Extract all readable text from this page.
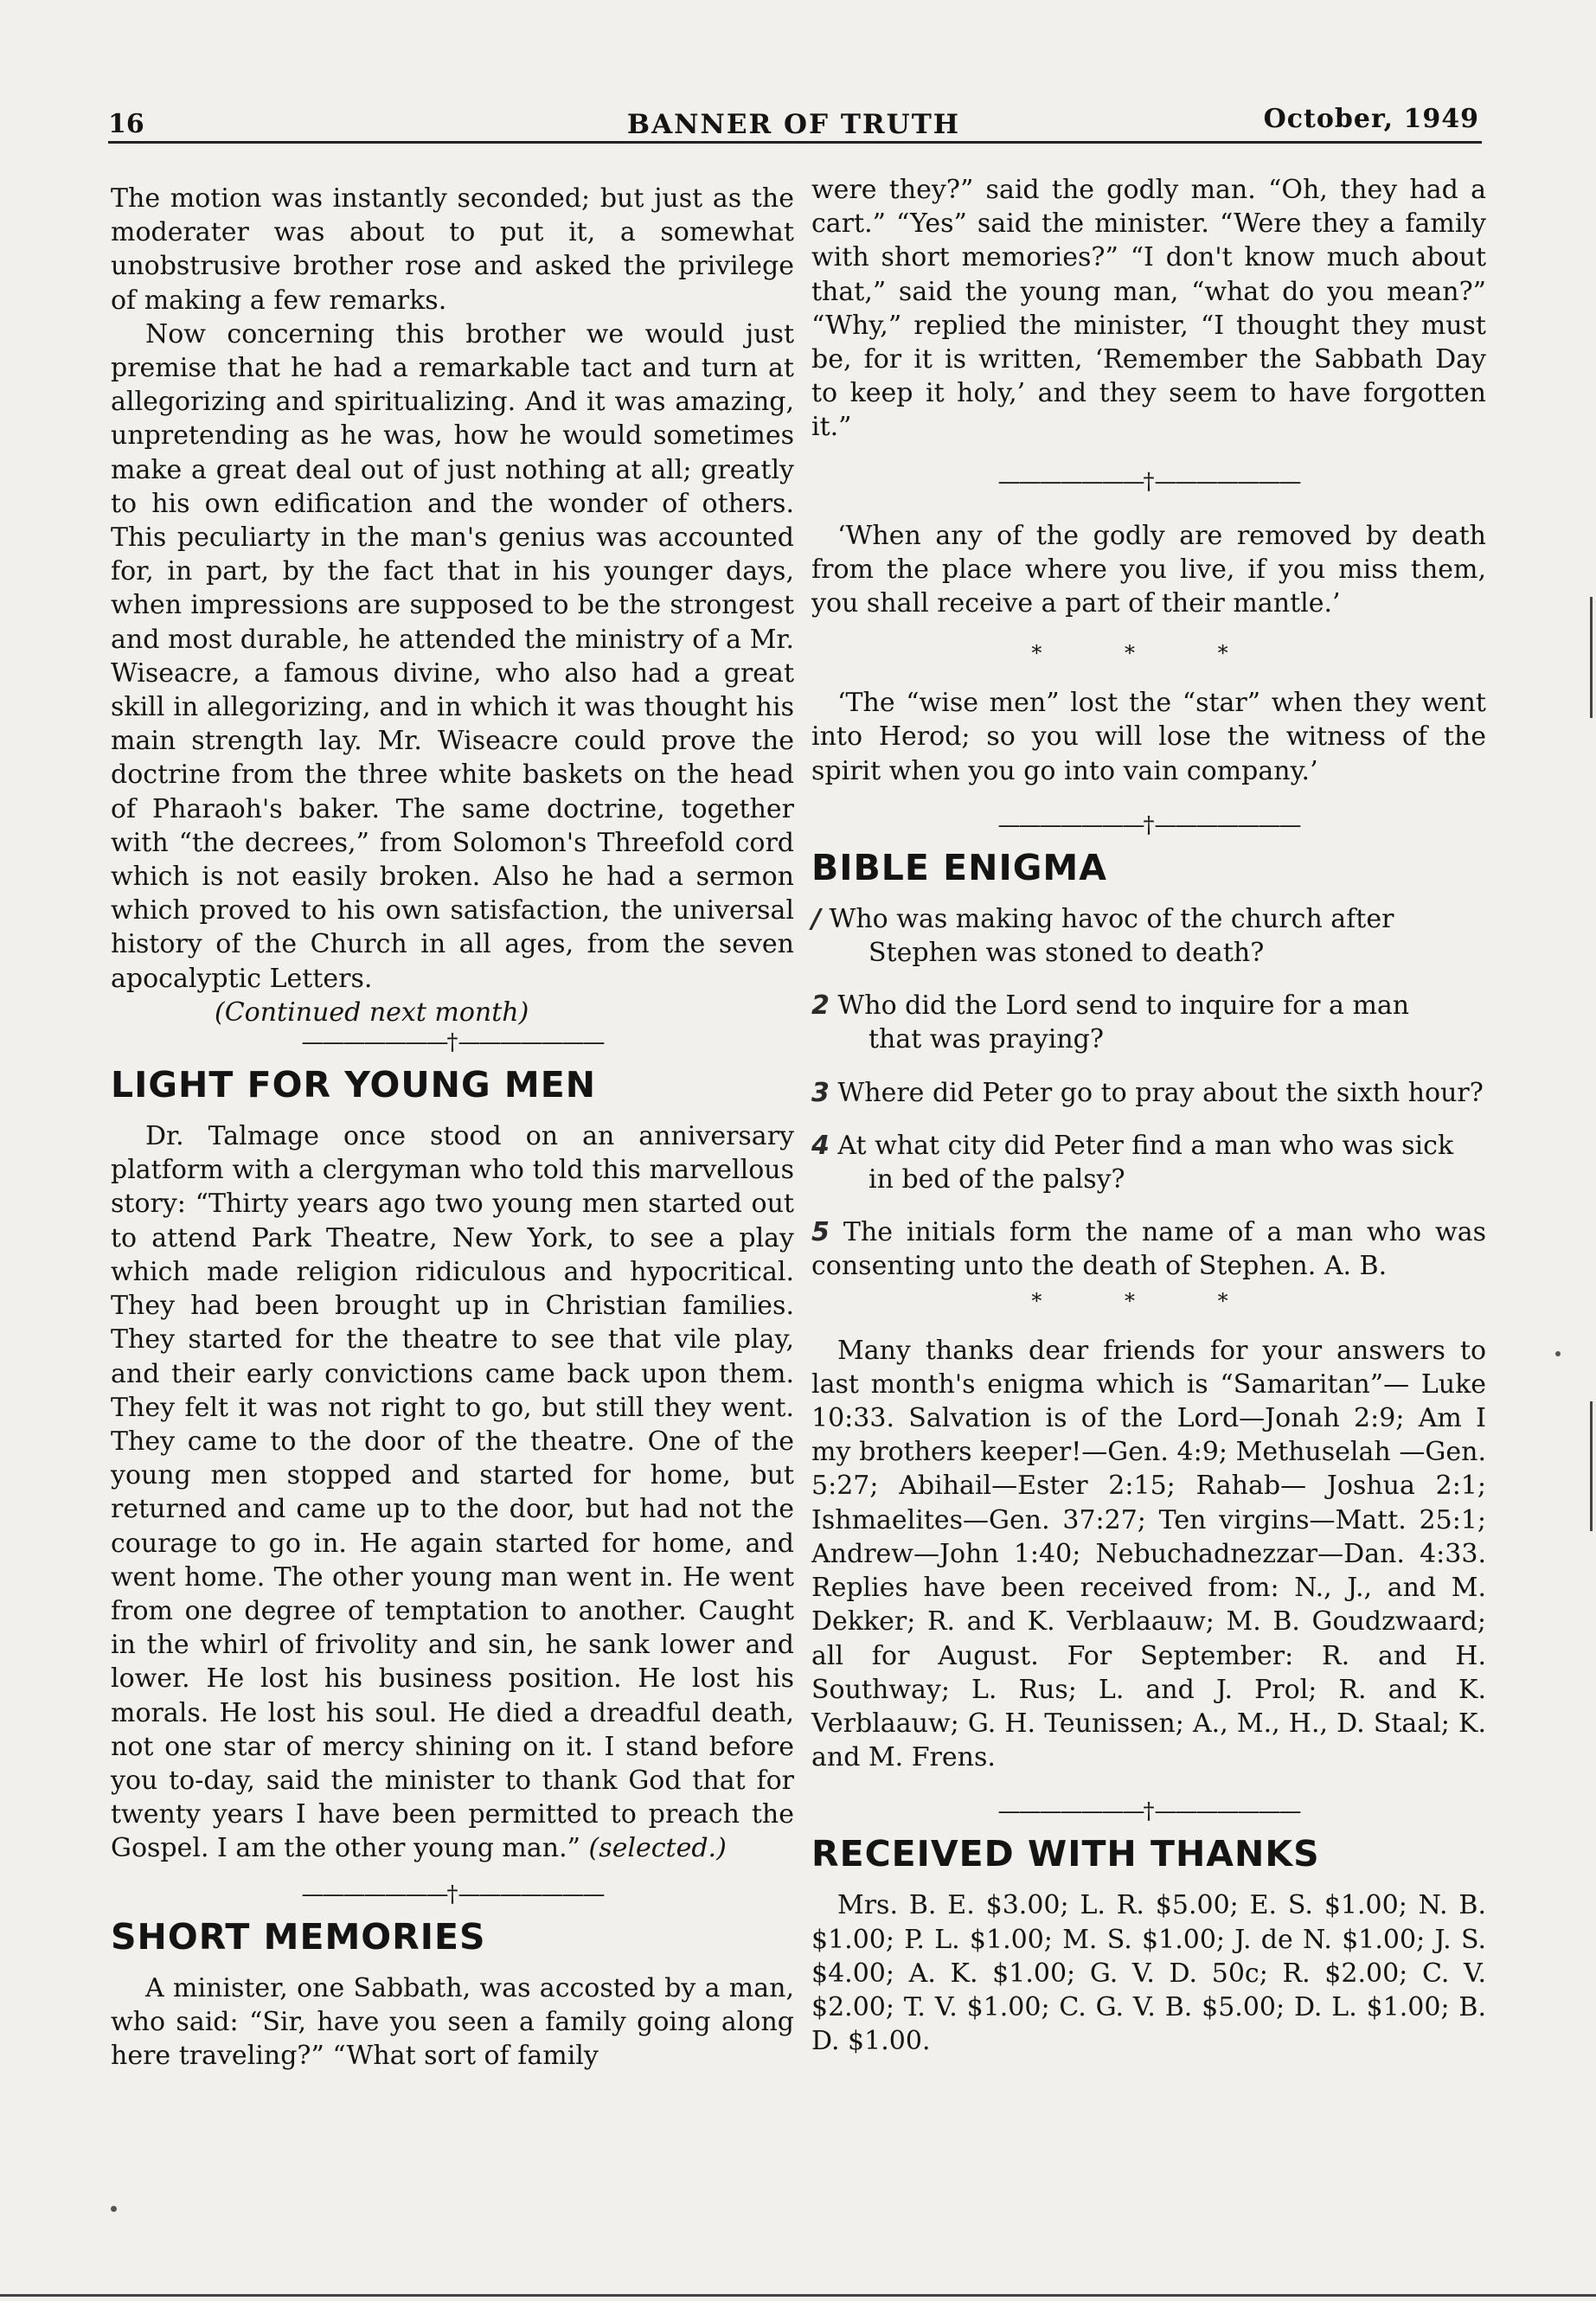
16	BANNER OF TRUTH	October, 1949

The motion was instantly seconded; but just as the moderater was about to put it, a somewhat unobstrusive brother rose and asked the privilege of making a few remarks.

Now concerning this brother we would just premise that he had a remarkable tact and turn at allegorizing and spiritualizing. And it was amazing, unpretending as he was, how he would sometimes make a great deal out of just nothing at all; greatly to his own edification and the wonder of others. This peculiarty in the man's genius was accounted for, in part, by the fact that in his younger days, when impressions are supposed to be the strongest and most durable, he attended the ministry of a Mr. Wiseacre, a famous divine, who also had a great skill in allegorizing, and in which it was thought his main strength lay. Mr. Wiseacre could prove the doctrine from the three white baskets on the head of Pharaoh's baker. The same doctrine, together with “the decrees,” from Solomon's Threefold cord which is not easily broken. Also he had a sermon which proved to his own satisfaction, the universal history of the Church in all ages, from the seven apocalyptic Letters.

(Continued next month)

———————†———————
LIGHT FOR YOUNG MEN

Dr. Talmage once stood on an anniversary platform with a clergyman who told this marvellous story: “Thirty years ago two young men started out to attend Park Theatre, New York, to see a play which made religion ridiculous and hypocritical. They had been brought up in Christian families. They started for the theatre to see that vile play, and their early convictions came back upon them. They felt it was not right to go, but still they went. They came to the door of the theatre. One of the young men stopped and started for home, but returned and came up to the door, but had not the courage to go in. He again started for home, and went home. The other young man went in. He went from one degree of temptation to another. Caught in the whirl of frivolity and sin, he sank lower and lower. He lost his business position. He lost his morals. He lost his soul. He died a dreadful death, not one star of mercy shining on it. I stand before you to-day, said the minister to thank God that for twenty years I have been permitted to preach the Gospel. I am the other young man.” (selected.)

———————†———————
SHORT MEMORIES

A minister, one Sabbath, was accosted by a man, who said: “Sir, have you seen a family going along here traveling?” “What sort of family

were they?” said the godly man. “Oh, they had a cart.” “Yes” said the minister. “Were they a family with short memories?” “I don't know much about that,” said the young man, “what do you mean?” “Why,” replied the minister, “I thought they must be, for it is written, ‘Remember the Sabbath Day to keep it holy,’ and they seem to have forgotten it.”

———————†———————

‘When any of the godly are removed by death from the place where you live, if you miss them, you shall receive a part of their mantle.’

* * *

‘The “wise men” lost the “star” when they went into Herod; so you will lose the witness of the spirit when you go into vain company.’

———————†———————
BIBLE ENIGMA
/ Who was making havoc of the church after
Stephen was stoned to death?
2 Who did the Lord send to inquire for a man
that was praying?
3 Where did Peter go to pray about the sixth hour?
4 At what city did Peter find a man who was sick
in bed of the palsy?

5 The initials form the name of a man who was consenting unto the death of Stephen. A. B.

* * *

Many thanks dear friends for your answers to last month's enigma which is “Samaritan”— Luke 10:33. Salvation is of the Lord—Jonah 2:9; Am I my brothers keeper!—Gen. 4:9; Methuselah —Gen. 5:27; Abihail—Ester 2:15; Rahab— Joshua 2:1; Ishmaelites—Gen. 37:27; Ten virgins—Matt. 25:1; Andrew—John 1:40; Nebuchadnezzar—Dan. 4:33. Replies have been received from: N., J., and M. Dekker; R. and K. Verblaauw; M. B. Goudzwaard; all for August. For September: R. and H. Southway; L. Rus; L. and J. Prol; R. and K. Verblaauw; G. H. Teunissen; A., M., H., D. Staal; K. and M. Frens.

———————†———————
RECEIVED WITH THANKS

Mrs. B. E. $3.00; L. R. $5.00; E. S. $1.00; N. B. $1.00; P. L. $1.00; M. S. $1.00; J. de N. $1.00; J. S. $4.00; A. K. $1.00; G. V. D. 50c; R. $2.00; C. V. $2.00; T. V. $1.00; C. G. V. B. $5.00; D. L. $1.00; B. D. $1.00.
